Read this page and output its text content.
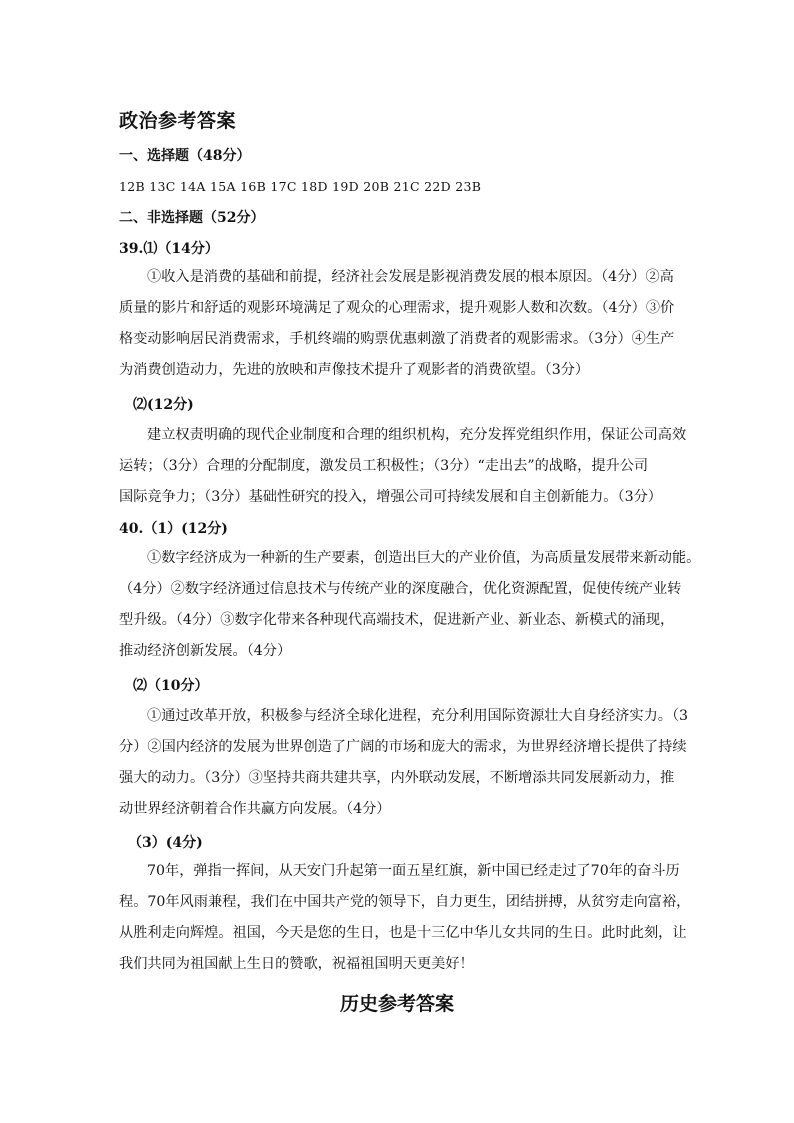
政治参考答案
一、选择题（48分）
12B 13C 14A 15A 16B 17C 18D 19D 20B 21C 22D 23B
二、非选择题（52分）
39.⑴（14分）
①收入是消费的基础和前提，经济社会发展是影视消费发展的根本原因。（4分）②高
质量的影片和舒适的观影环境满足了观众的心理需求，提升观影人数和次数。（4分）③价
格变动影响居民消费需求，手机终端的购票优惠刺激了消费者的观影需求。（3分）④生产
为消费创造动力，先进的放映和声像技术提升了观影者的消费欲望。（3分）
⑵(12分)
建立权责明确的现代企业制度和合理的组织机构，充分发挥党组织作用，保证公司高效
运转；（3分）合理的分配制度，激发员工积极性；（3分）“走出去”的战略，提升公司
国际竞争力；（3分）基础性研究的投入，增强公司可持续发展和自主创新能力。（3分）
40.（1）(12分)
①数字经济成为一种新的生产要素，创造出巨大的产业价值，为高质量发展带来新动能。
（4分）②数字经济通过信息技术与传统产业的深度融合，优化资源配置，促使传统产业转
型升级。（4分）③数字化带来各种现代高端技术，促进新产业、新业态、新模式的涌现，
推动经济创新发展。（4分）
⑵（10分）
①通过改革开放，积极参与经济全球化进程，充分利用国际资源壮大自身经济实力。（3
分）②国内经济的发展为世界创造了广阔的市场和庞大的需求，为世界经济增长提供了持续
强大的动力。（3分）③坚持共商共建共享，内外联动发展，不断增添共同发展新动力，推
动世界经济朝着合作共赢方向发展。（4分）
（3）(4分)
70年，弹指一挥间，从天安门升起第一面五星红旗，新中国已经走过了70年的奋斗历
程。70年风雨兼程，我们在中国共产党的领导下，自力更生，团结拼搏，从贫穷走向富裕，
从胜利走向辉煌。祖国，今天是您的生日，也是十三亿中华儿女共同的生日。此时此刻，让
我们共同为祖国献上生日的赞歌，祝福祖国明天更美好！
历史参考答案
